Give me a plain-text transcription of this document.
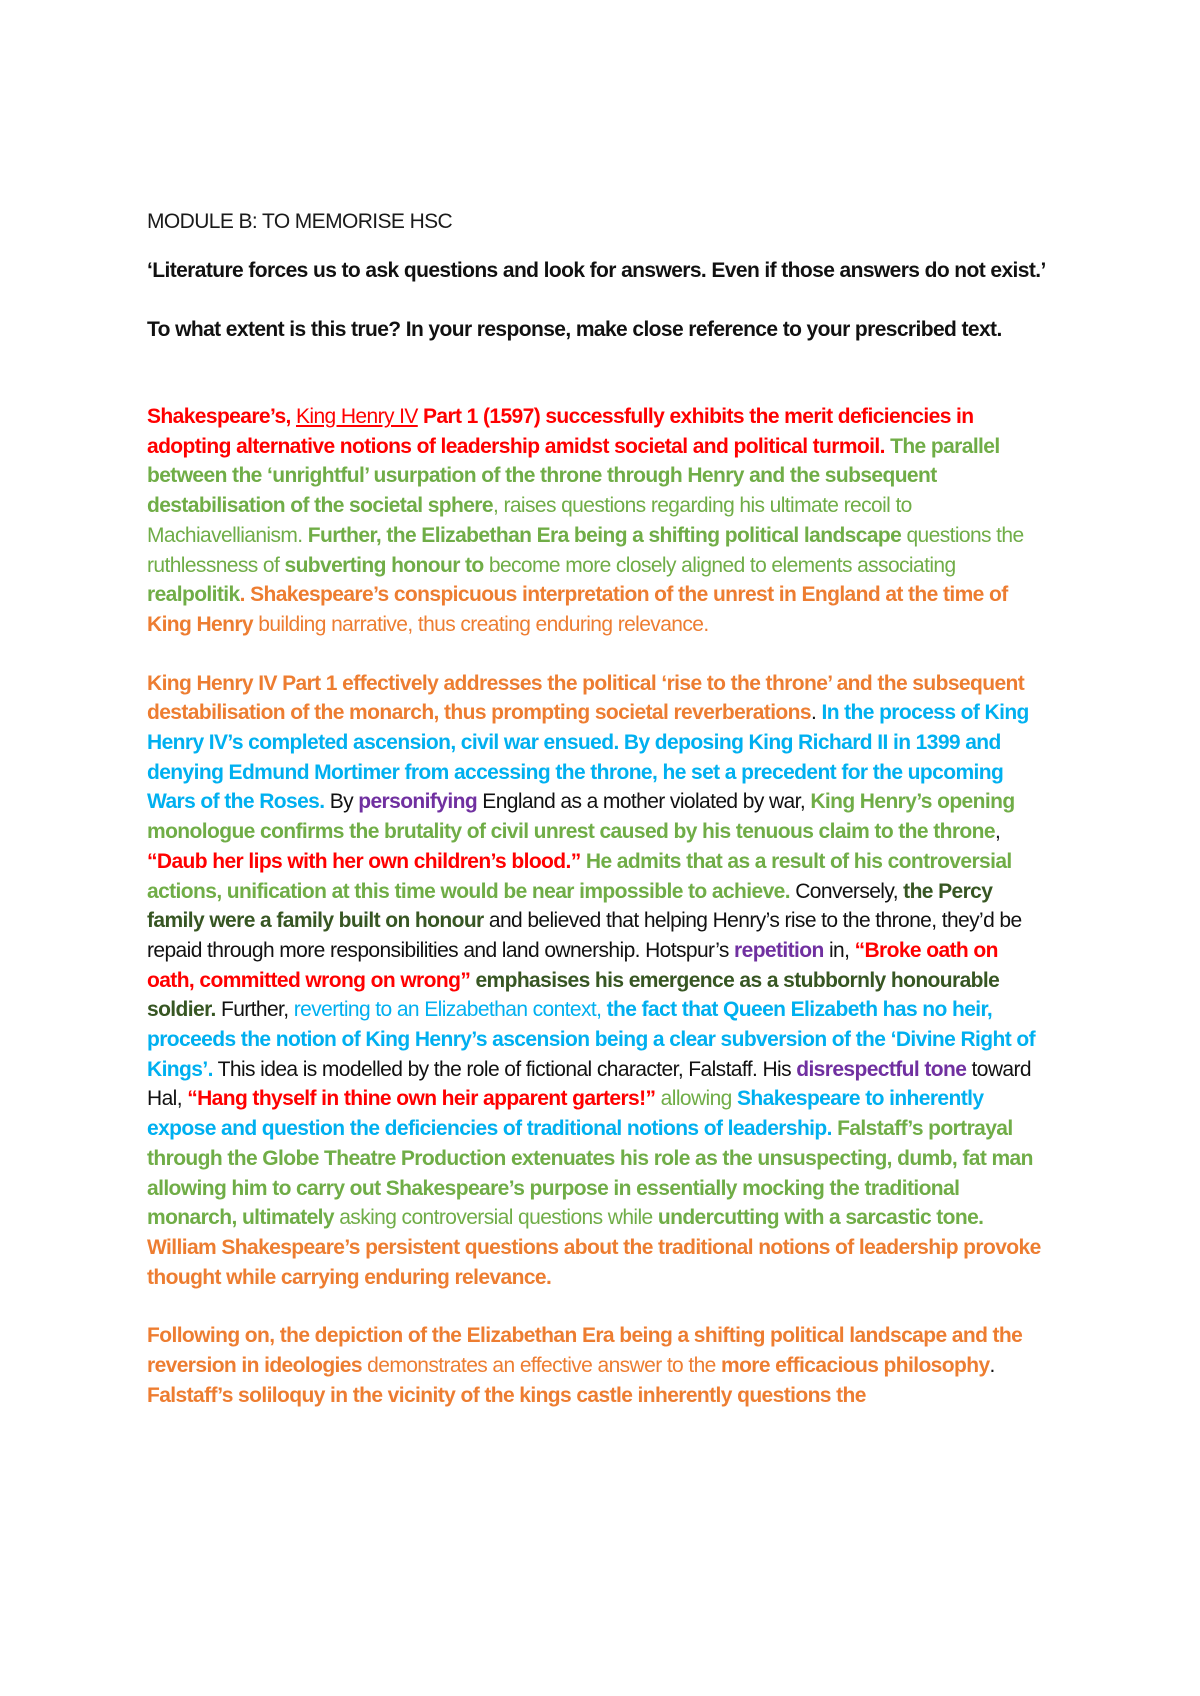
MODULE B: TO MEMORISE HSC
‘Literature forces us to ask questions and look for answers. Even if those answers do not exist.’
To what extent is this true? In your response, make close reference to your prescribed text.

Shakespeare’s, King Henry IV Part 1 (1597) successfully exhibits the merit deficiencies in adopting alternative notions of leadership amidst societal and political turmoil. The parallel between the ‘unrightful’ usurpation of the throne through Henry and the subsequent destabilisation of the societal sphere, raises questions regarding his ultimate recoil to Machiavellianism. Further, the Elizabethan Era being a shifting political landscape questions the ruthlessness of subverting honour to become more closely aligned to elements associating realpolitik. Shakespeare’s conspicuous interpretation of the unrest in England at the time of King Henry building narrative, thus creating enduring relevance.

King Henry IV Part 1 effectively addresses the political ‘rise to the throne’ and the subsequent destabilisation of the monarch, thus prompting societal reverberations. In the process of King Henry IV’s completed ascension, civil war ensued. By deposing King Richard II in 1399 and denying Edmund Mortimer from accessing the throne, he set a precedent for the upcoming Wars of the Roses. By personifying England as a mother violated by war, King Henry’s opening monologue confirms the brutality of civil unrest caused by his tenuous claim to the throne, “Daub her lips with her own children’s blood.” He admits that as a result of his controversial actions, unification at this time would be near impossible to achieve. Conversely, the Percy family were a family built on honour and believed that helping Henry’s rise to the throne, they’d be repaid through more responsibilities and land ownership. Hotspur’s repetition in, “Broke oath on oath, committed wrong on wrong” emphasises his emergence as a stubbornly honourable soldier. Further, reverting to an Elizabethan context, the fact that Queen Elizabeth has no heir, proceeds the notion of King Henry’s ascension being a clear subversion of the ‘Divine Right of Kings’. This idea is modelled by the role of fictional character, Falstaff. His disrespectful tone toward Hal, “Hang thyself in thine own heir apparent garters!” allowing Shakespeare to inherently expose and question the deficiencies of traditional notions of leadership. Falstaff’s portrayal through the Globe Theatre Production extenuates his role as the unsuspecting, dumb, fat man allowing him to carry out Shakespeare’s purpose in essentially mocking the traditional monarch, ultimately asking controversial questions while undercutting with a sarcastic tone. William Shakespeare’s persistent questions about the traditional notions of leadership provoke thought while carrying enduring relevance.

Following on, the depiction of the Elizabethan Era being a shifting political landscape and the reversion in ideologies demonstrates an effective answer to the more efficacious philosophy. Falstaff’s soliloquy in the vicinity of the kings castle inherently questions the
